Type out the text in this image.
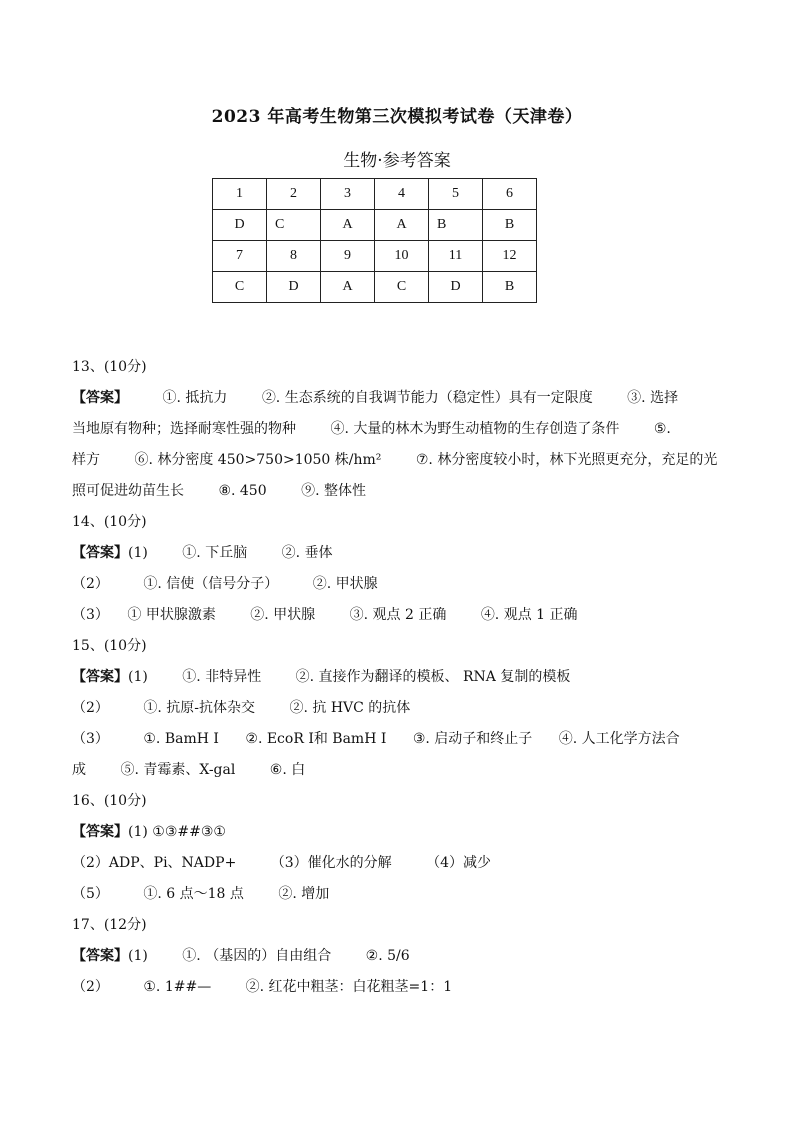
2023 年高考生物第三次模拟考试卷（天津卷）
生物·参考答案
1	2	3	4	5	6
D	C	A	A	B	B
7	8	9	10	11	12
C	D	A	C	D	B
13、(10分)
【答案】 ①. 抵抗力 ②. 生态系统的自我调节能力（稳定性）具有一定限度 ③. 选择
当地原有物种；选择耐寒性强的物种 ④. 大量的林木为野生动植物的生存创造了条件 ⑤.
样方 ⑥. 林分密度 450>750>1050 株/hm² ⑦. 林分密度较小时，林下光照更充分，充足的光
照可促进幼苗生长 ⑧. 450 ⑨. 整体性
14、(10分)
【答案】(1) ①. 下丘脑 ②. 垂体
（2） ①. 信使（信号分子） ②. 甲状腺
（3） ① 甲状腺激素 ②. 甲状腺 ③. 观点 2 正确 ④. 观点 1 正确
15、(10分)
【答案】(1) ①. 非特异性 ②. 直接作为翻译的模板、 RNA 复制的模板
（2） ①. 抗原-抗体杂交 ②. 抗 HVC 的抗体
（3） ①. BamH Ⅰ ②. EcoR Ⅰ和 BamH Ⅰ ③. 启动子和终止子 ④. 人工化学方法合
成 ⑤. 青霉素、X-gal ⑥. 白
16、(10分)
【答案】(1) ①③##③①
（2）ADP、Pi、NADP+ （3）催化水的分解 （4）减少
（5） ①. 6 点～18 点 ②. 增加
17、(12分)
【答案】(1) ①. （基因的）自由组合 ②. 5/6
（2） ①. 1##— ②. 红花中粗茎：白花粗茎=1：1
